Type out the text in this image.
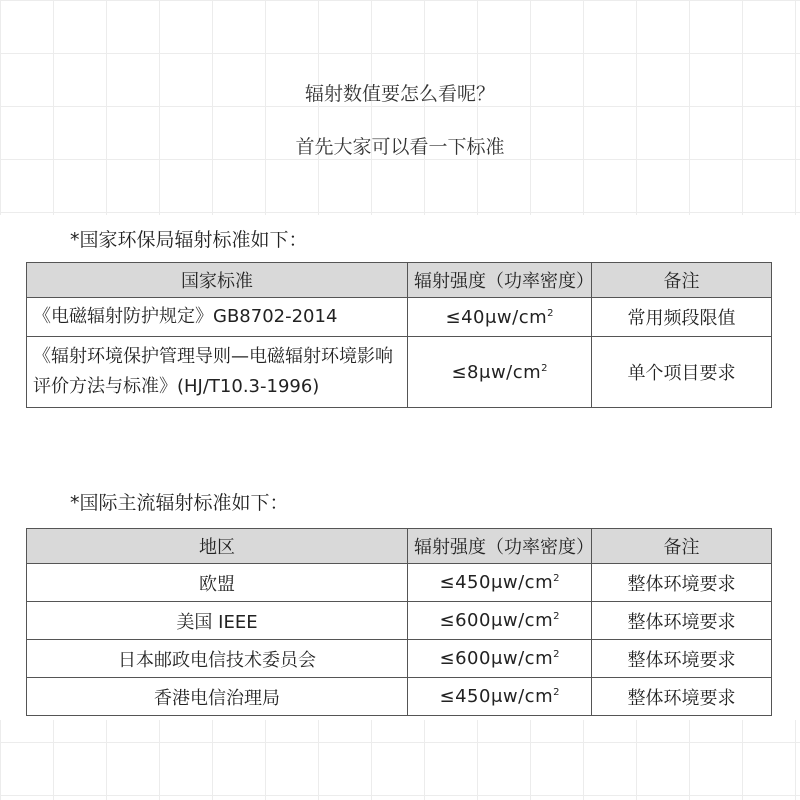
辐射数值要怎么看呢？
首先大家可以看一下标准
*国家环保局辐射标准如下：
国家标准	辐射强度（功率密度）	备注
《电磁辐射防护规定》GB8702-2014	$\le 40\mu w/cm^2$	常用频段限值
《辐射环境保护管理导则—电磁辐射环境影响评价方法与标准》(HJ/T10.3-1996)	$\le 8\mu w/cm^2$	单个项目要求
*国际主流辐射标准如下：
地区	辐射强度（功率密度）	备注
欧盟	$\le 450\mu w/cm^2$	整体环境要求
美国 IEEE	$\le 600\mu w/cm^2$	整体环境要求
日本邮政电信技术委员会	$\le 600\mu w/cm^2$	整体环境要求
香港电信治理局	$\le 450\mu w/cm^2$	整体环境要求
